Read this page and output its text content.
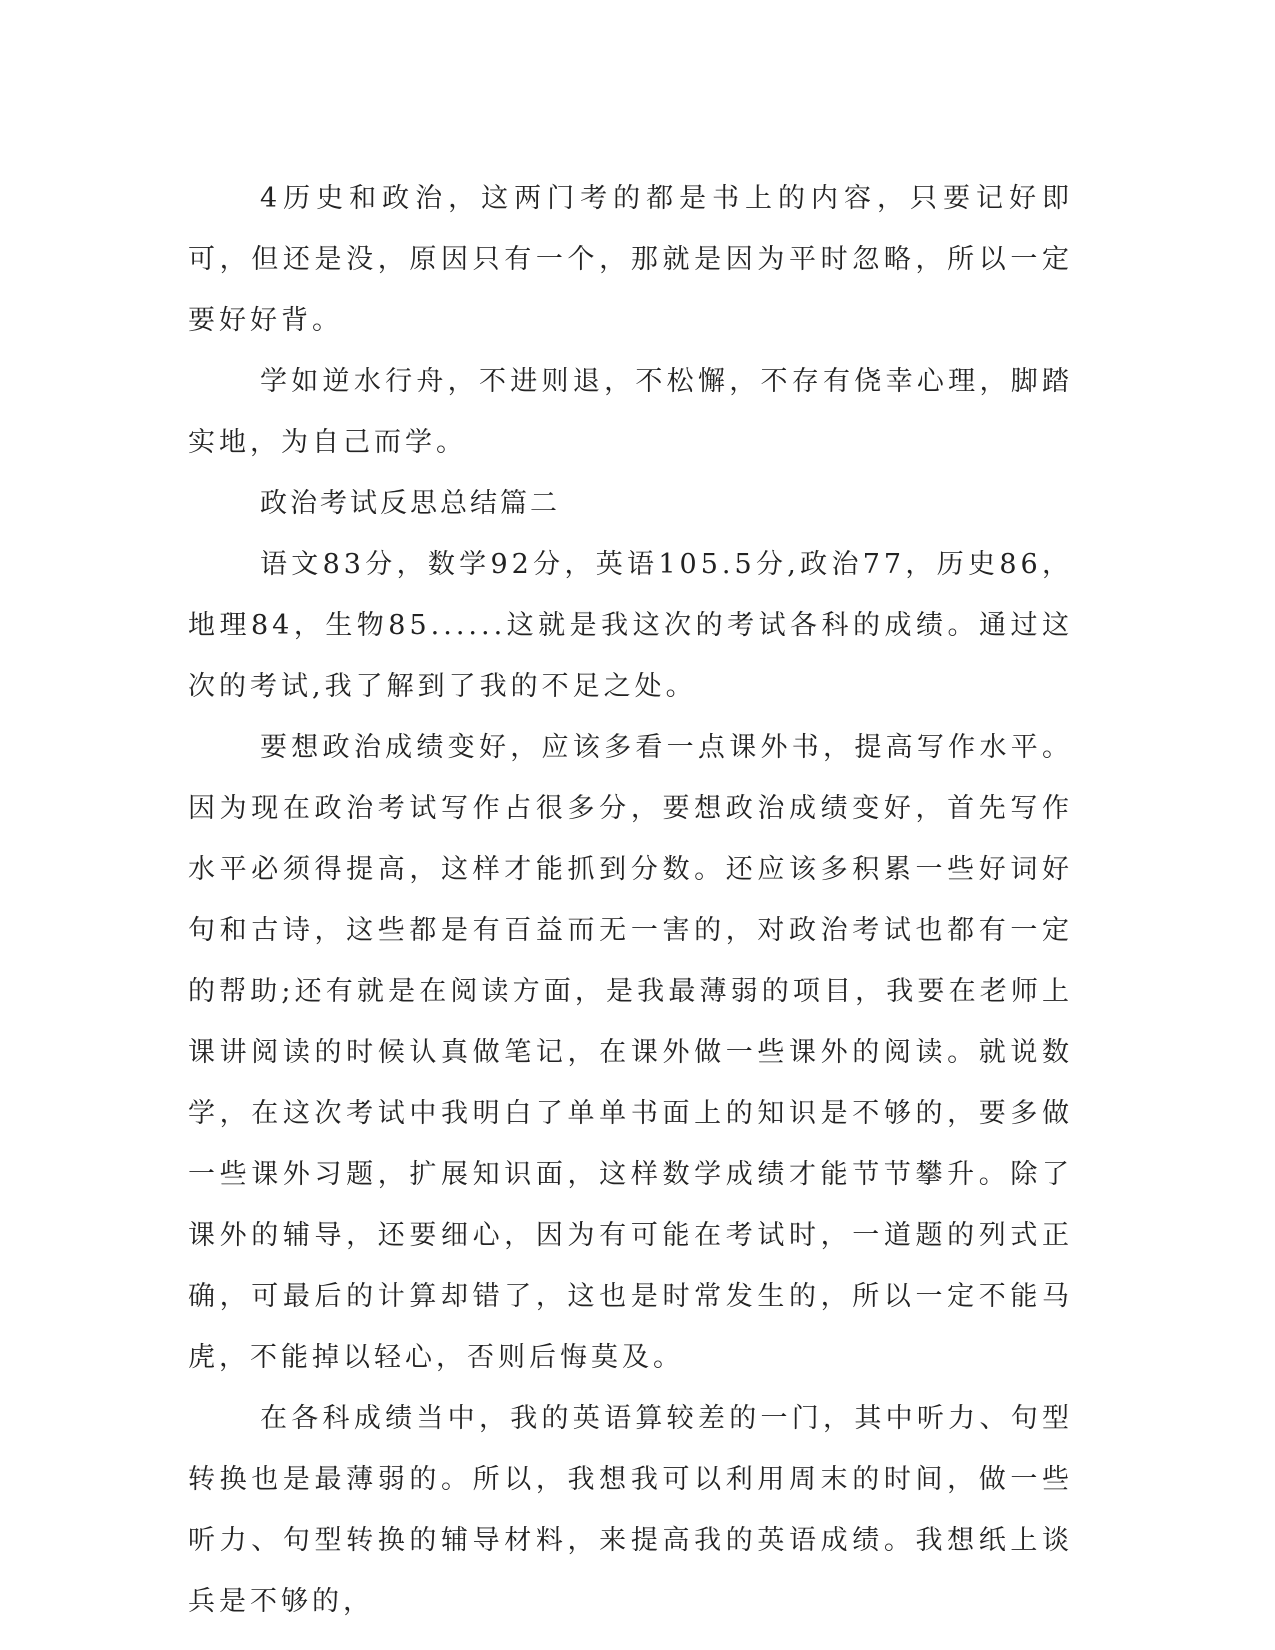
4历史和政治，这两门考的都是书上的内容，只要记好即可，但还是没，原因只有一个，那就是因为平时忽略，所以一定要好好背。

学如逆水行舟，不进则退，不松懈，不存有侥幸心理，脚踏实地，为自己而学。

政治考试反思总结篇二

语文83分，数学92分，英语105.5分,政治77，历史86，地理84，生物85......这就是我这次的考试各科的成绩。通过这次的考试,我了解到了我的不足之处。

要想政治成绩变好，应该多看一点课外书，提高写作水平。因为现在政治考试写作占很多分，要想政治成绩变好，首先写作水平必须得提高，这样才能抓到分数。还应该多积累一些好词好句和古诗，这些都是有百益而无一害的，对政治考试也都有一定的帮助;还有就是在阅读方面，是我最薄弱的项目，我要在老师上课讲阅读的时候认真做笔记，在课外做一些课外的阅读。就说数学，在这次考试中我明白了单单书面上的知识是不够的，要多做一些课外习题，扩展知识面，这样数学成绩才能节节攀升。除了课外的辅导，还要细心，因为有可能在考试时，一道题的列式正确，可最后的计算却错了，这也是时常发生的，所以一定不能马虎，不能掉以轻心，否则后悔莫及。

在各科成绩当中，我的英语算较差的一门，其中听力、句型转换也是最薄弱的。所以，我想我可以利用周末的时间，做一些听力、句型转换的辅导材料，来提高我的英语成绩。我想纸上谈兵是不够的，
